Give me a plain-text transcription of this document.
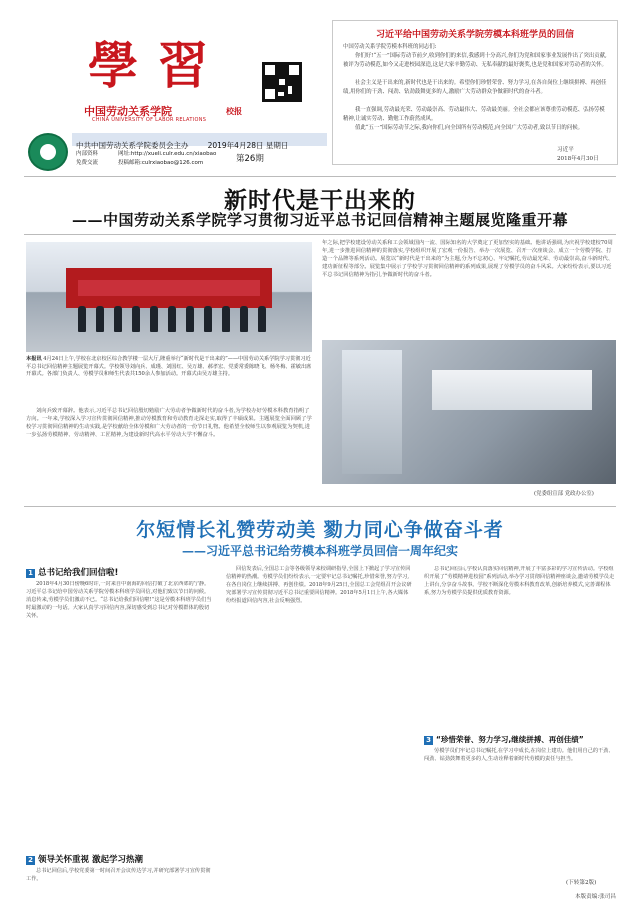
學習
中国劳动关系学院
CHINA UNIVERSITY OF LABOR RELATIONS
校报
中共中国劳动关系学院委员会主办	2019年4月28日 星期日
内部资料
免费交流
网址:http://xueli.culr.edu.cn/xiaobao
投稿邮箱:culrxiaobao@126.com	第26期
习近平给中国劳动关系学院劳模本科班学员的回信
中国劳动关系学院劳模本科班的同志们:
你们好!“五一”国际劳动节前夕,收到你们的来信,我感到十分高兴,你们为党和国家事业发展作出了突出贡献,被评为劳动模范,如今又走进校园深造,这是大家辛勤劳动、无私奉献的最好褒奖,也是党和国家对劳动者的关怀。
社会主义是干出来的,新时代也是干出来的。希望你们珍惜荣誉、努力学习,在各自岗位上继续拼搏、再创佳绩,用你们的干劲、闯劲、钻劲鼓舞更多的人,激励广大劳动群众争做新时代的奋斗者。
我一直强调,劳动最光荣、劳动最崇高、劳动最伟大、劳动最美丽。全社会都应该尊重劳动模范、弘扬劳模精神,让诚实劳动、勤勉工作蔚然成风。
值此“五一”国际劳动节之际,我向你们,向全国所有劳动模范,向全国广大劳动者,致以节日的问候。
习近平
2018年4月30日
新时代是干出来的
——中国劳动关系学院学习贯彻习近平总书记回信精神主题展览隆重开幕
本报讯 4月24日上午,学校在北京校区综合教学楼一层大厅,隆重举行“新时代是干出来的”——中国劳动关系学院学习贯彻习近平总书记回信精神主题展览开幕式。学校领导刘向兵、成瑾、刘国红、吴万雄、郝孝宏、党委常委陈晓飞、杨冬梅、霍敏出席开幕式。各部门负责人、劳模学员和师生代表共150余人参加活动。开幕式由吴万雄主持。
刘向兵致开幕辞。他表示,习近平总书记回信殷切勉励广大劳动者争做新时代的奋斗者,为学校办好劳模本科教育指明了方向。一年来,学校深入学习宣传贯彻回信精神,推动劳模教育和劳动教育走深走实,取得了丰硕成果。主题展览全面回顾了学校学习贯彻回信精神的生动实践,是学校献给全体劳模和广大劳动者的一份节日礼物。他希望全校师生以参观展览为契机,进一步弘扬劳模精神、劳动精神、工匠精神,为建设新时代高水平劳动大学不懈奋斗。
年之际,把学校建设劳动关系和工会领域国内一流、国际知名的大学奠定了更加坚实的基础。他讲话强调,为庆祝学校建校70周年,进一步推进回信精神的贯彻落实,学校组织开展了宏观一份报告、举办一次展览、召开一次座谈会、成立一个劳模学院、打造一个品牌等系列活动。展览以“新时代是干出来的”为主题,分为不忘初心、牢记嘱托,劳动最光荣、劳动最崇高,奋斗新时代、建功新征程等部分。展览集中展示了学校学习贯彻回信精神的系列成果,展现了劳模学员的奋斗风采。大家纷纷表示,要以习近平总书记回信精神为指引,争做新时代的奋斗者。
(党委组宣部 党政办公室)
尔短情长礼赞劳动美 勠力同心争做奋斗者
——习近平总书记给劳模本科班学员回信一周年纪实
1 总书记给我们回信啦!
2018年4月30日傍晚6时许,一封来自中南海的回信打破了北京西郊的宁静。习近平总书记给中国劳动关系学院劳模本科班学员回信,对他们致以节日的问候。消息传来,劳模学员们激动不已。“总书记给我们回信啦!”这是劳模本科班学员们当时最激动的一句话。大家认真学习回信内容,深切感受到总书记对劳模群体的殷切关怀。
2 领导关怀重视 激起学习热潮
总书记回信后,学校党委第一时间召开会议传达学习,并研究部署学习宣传贯彻工作。
回信发表后,全国总工会等各级领导来校调研指导,全国上下掀起了学习宣传回信精神的热潮。劳模学员们纷纷表示,一定要牢记总书记嘱托,珍惜荣誉,努力学习,在各自岗位上继续拼搏、再创佳绩。2018年9月25日,全国总工会党组召开会议研究部署学习宣传贯彻习近平总书记重要回信精神。2018年5月1日上午,各大媒体纷纷报道回信内容,社会反响强烈。
总书记回信后,学校认真落实回信精神,开展了丰富多彩的学习宣传活动。学校组织开展了“劳模精神进校园”系列活动,举办学习贯彻回信精神座谈会,邀请劳模学员走上讲台,分享奋斗故事。学校不断深化劳模本科教育改革,创新培养模式,完善课程体系,努力为劳模学员提供优质教育资源。
3 “珍惜荣誉、努力学习,继续拼搏、再创佳绩”
劳模学员们牢记总书记嘱托,在学习中成长,在岗位上建功。他们用自己的干劲、闯劲、钻劲鼓舞着更多的人,生动诠释着新时代劳模的责任与担当。
(下转第2版)
本版责编:张司昌
